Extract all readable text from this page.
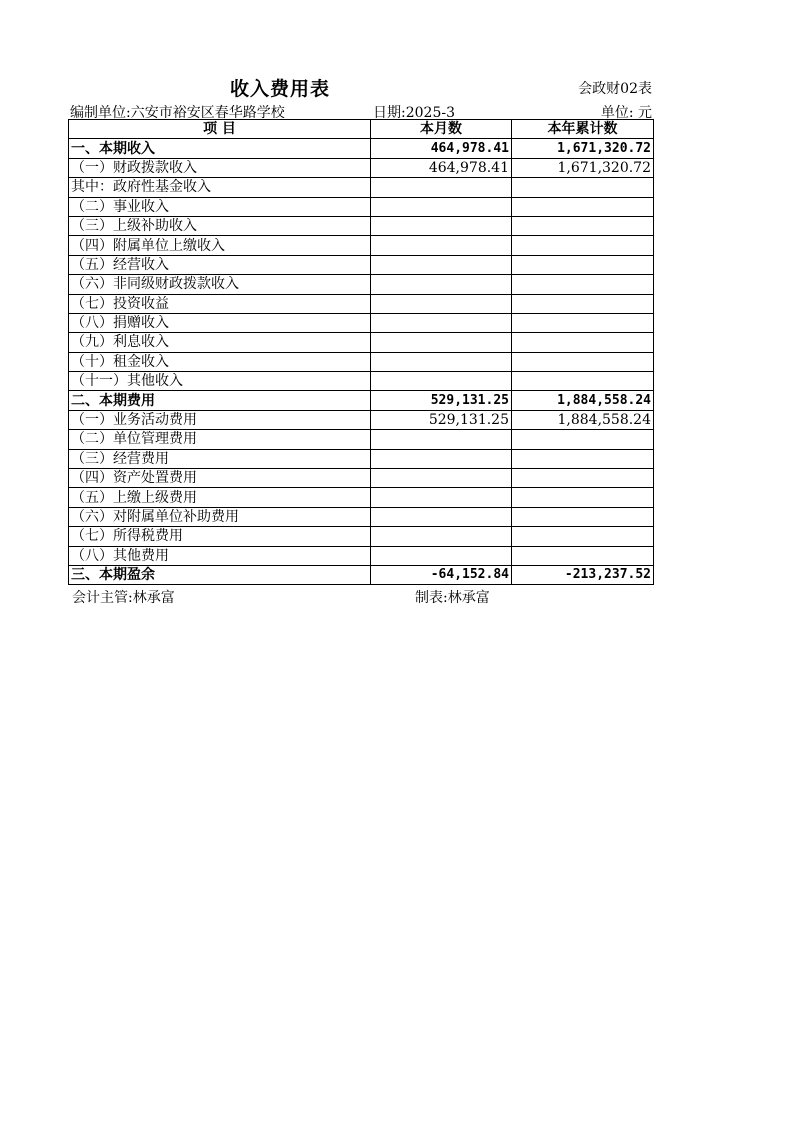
收入费用表	会政财02表
编制单位:六安市裕安区春华路学校	日期:2025-3	单位: 元
项 目	本月数	本年累计数
一、本期收入	464,978.41	1,671,320.72
（一）财政拨款收入	464,978.41	1,671,320.72
其中：政府性基金收入		
（二）事业收入		
（三）上级补助收入		
（四）附属单位上缴收入		
（五）经营收入		
（六）非同级财政拨款收入		
（七）投资收益		
（八）捐赠收入		
（九）利息收入		
（十）租金收入		
（十一）其他收入		
二、本期费用	529,131.25	1,884,558.24
（一）业务活动费用	529,131.25	1,884,558.24
（二）单位管理费用		
（三）经营费用		
（四）资产处置费用		
（五）上缴上级费用		
（六）对附属单位补助费用		
（七）所得税费用		
（八）其他费用		
三、本期盈余	-64,152.84	-213,237.52
会计主管:林承富	制表:林承富
